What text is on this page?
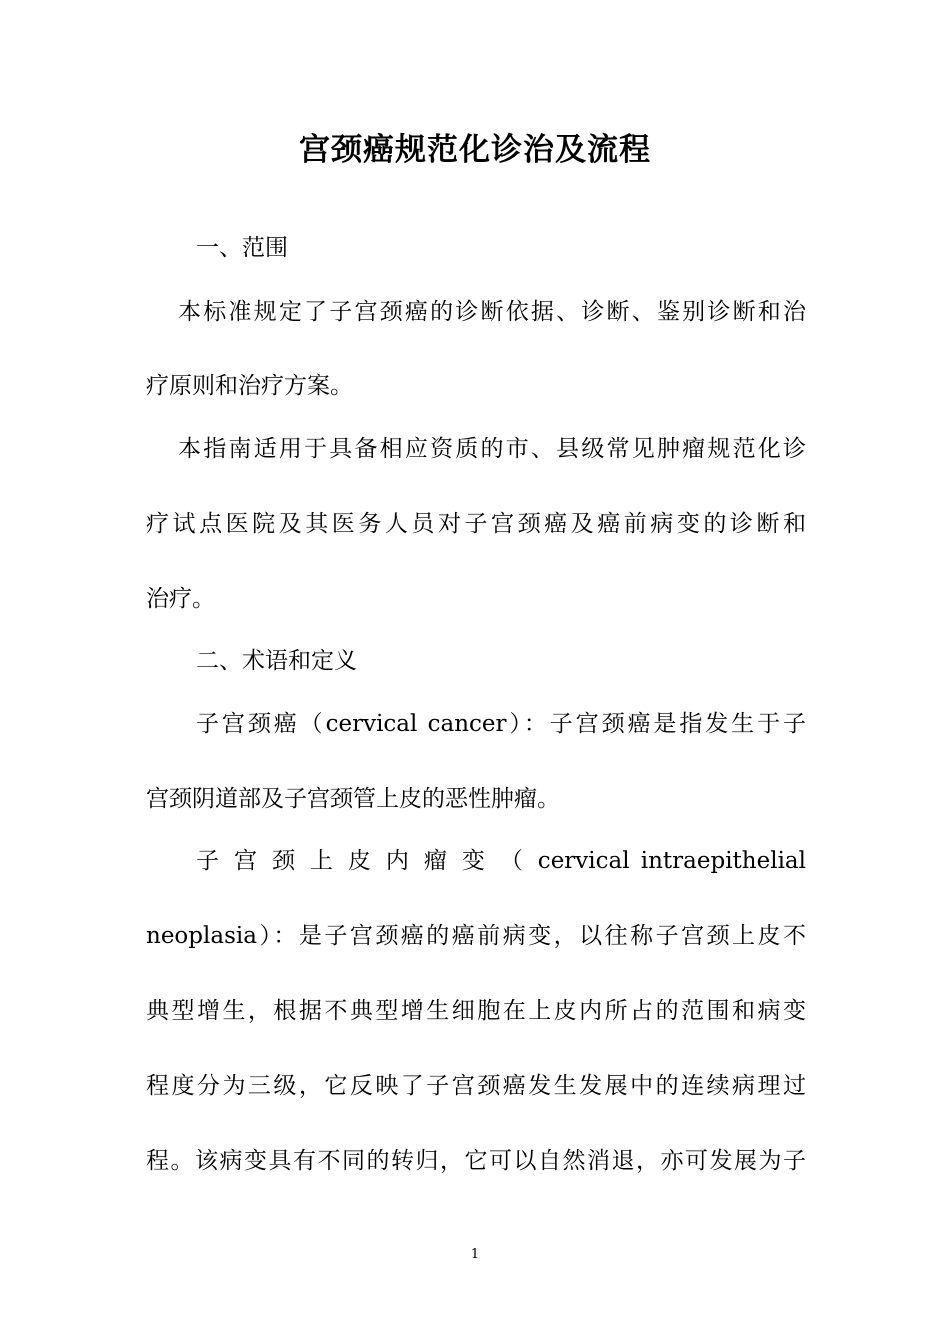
宫颈癌规范化诊治及流程

一、范围

本标准规定了子宫颈癌的诊断依据、诊断、鉴别诊断和治

疗原则和治疗方案。

本指南适用于具备相应资质的市、县级常见肿瘤规范化诊

疗试点医院及其医务人员对子宫颈癌及癌前病变的诊断和

治疗。

二、术语和定义

子宫颈癌（cervical cancer）：子宫颈癌是指发生于子

宫颈阴道部及子宫颈管上皮的恶性肿瘤。

子 宫 颈 上 皮 内 瘤 变 （ cervical intraepithelial

neoplasia）：是子宫颈癌的癌前病变，以往称子宫颈上皮不

典型增生，根据不典型增生细胞在上皮内所占的范围和病变

程度分为三级，它反映了子宫颈癌发生发展中的连续病理过

程。该病变具有不同的转归，它可以自然消退，亦可发展为子

1
